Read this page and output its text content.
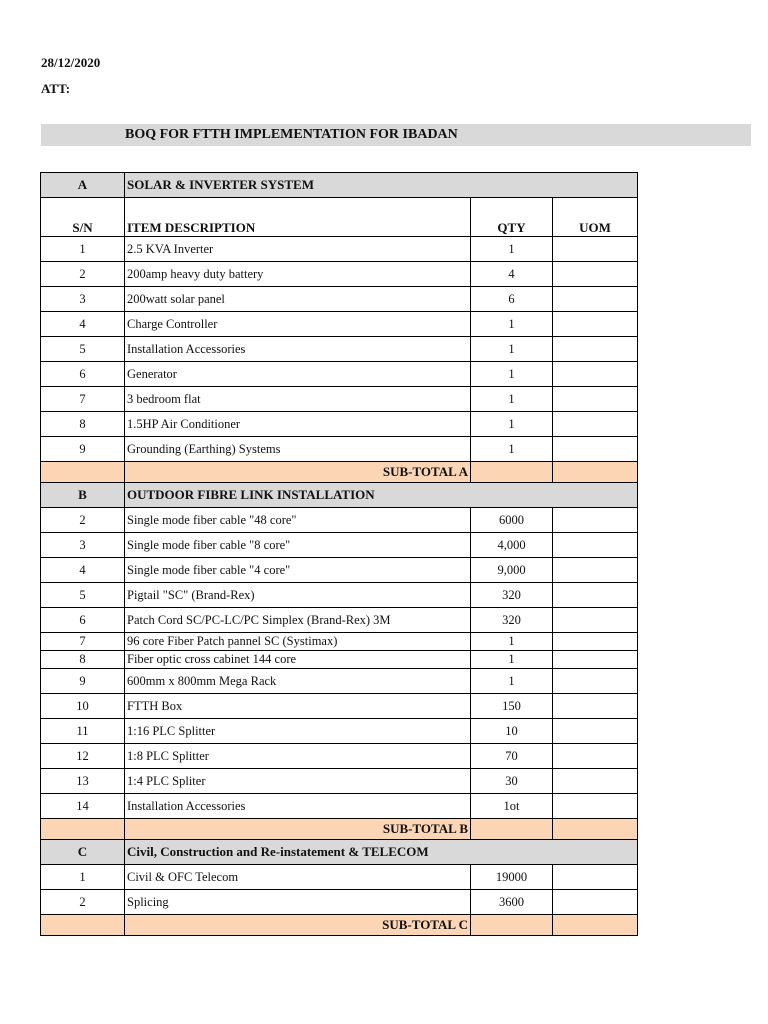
28/12/2020
ATT:
BOQ FOR FTTH IMPLEMENTATION FOR IBADAN
A	SOLAR & INVERTER SYSTEM		
S/N	ITEM DESCRIPTION	QTY	UOM
1	2.5 KVA Inverter	1	
2	200amp heavy duty battery	4	
3	200watt solar panel	6	
4	Charge Controller	1	
5	Installation Accessories	1	
6	Generator	1	
7	3 bedroom flat	1	
8	1.5HP Air Conditioner	1	
9	Grounding (Earthing) Systems	1	
	SUB-TOTAL A		
B	OUTDOOR FIBRE LINK INSTALLATION		
2	Single mode fiber cable "48 core"	6000	
3	Single mode fiber cable "8 core"	4,000	
4	Single mode fiber cable "4 core"	9,000	
5	Pigtail "SC" (Brand-Rex)	320	
6	Patch Cord SC/PC-LC/PC Simplex (Brand-Rex) 3M	320	
7	96 core Fiber Patch pannel SC (Systimax)	1	
8	Fiber optic cross cabinet 144 core	1	
9	600mm x 800mm Mega Rack	1	
10	FTTH Box	150	
11	1:16 PLC Splitter	10	
12	1:8 PLC Splitter	70	
13	1:4 PLC Spliter	30	
14	Installation Accessories	1ot	
	SUB-TOTAL B		
C	Civil, Construction and Re-instatement & TELECOM		
1	Civil & OFC Telecom	19000	
2	Splicing	3600	
	SUB-TOTAL C		
